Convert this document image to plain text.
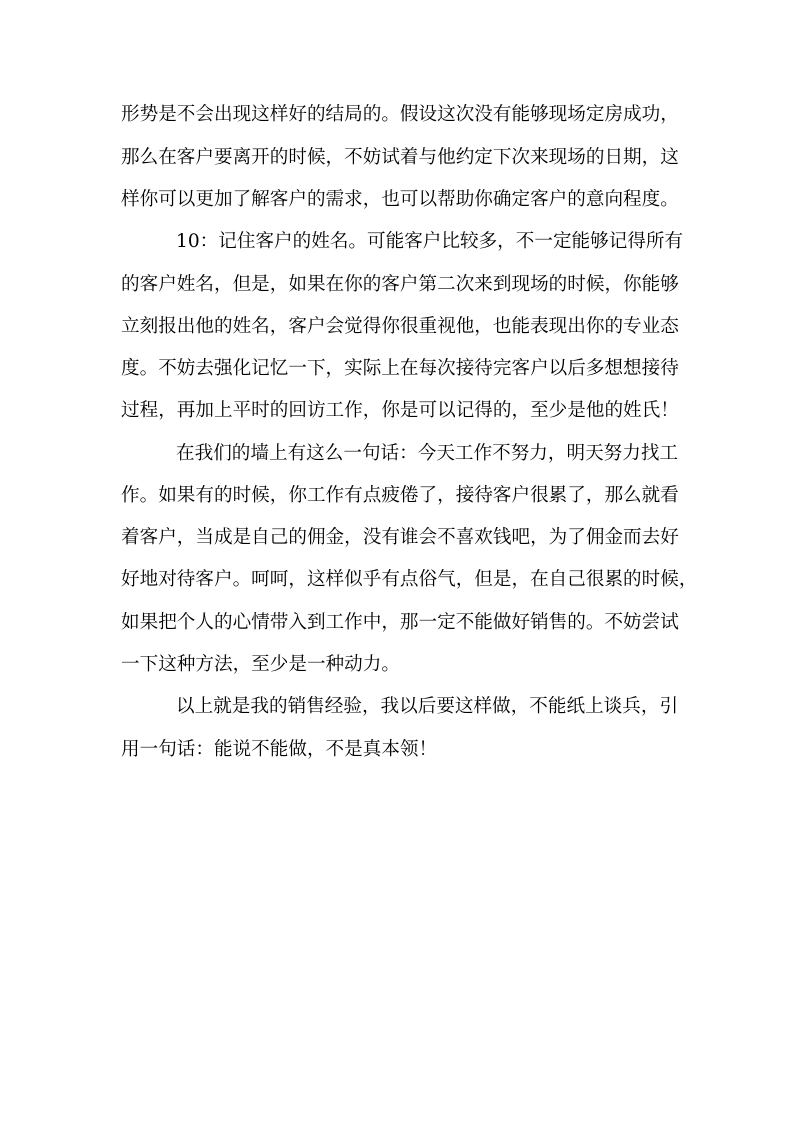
形势是不会出现这样好的结局的。假设这次没有能够现场定房成功，
那么在客户要离开的时候，不妨试着与他约定下次来现场的日期，这
样你可以更加了解客户的需求，也可以帮助你确定客户的意向程度。
10：记住客户的姓名。可能客户比较多，不一定能够记得所有
的客户姓名，但是，如果在你的客户第二次来到现场的时候，你能够
立刻报出他的姓名，客户会觉得你很重视他，也能表现出你的专业态
度。不妨去强化记忆一下，实际上在每次接待完客户以后多想想接待
过程，再加上平时的回访工作，你是可以记得的，至少是他的姓氏！
在我们的墙上有这么一句话：今天工作不努力，明天努力找工
作。如果有的时候，你工作有点疲倦了，接待客户很累了，那么就看
着客户，当成是自己的佣金，没有谁会不喜欢钱吧，为了佣金而去好
好地对待客户。呵呵，这样似乎有点俗气，但是，在自己很累的时候，
如果把个人的心情带入到工作中，那一定不能做好销售的。不妨尝试
一下这种方法，至少是一种动力。
以上就是我的销售经验，我以后要这样做，不能纸上谈兵，引
用一句话：能说不能做，不是真本领！
